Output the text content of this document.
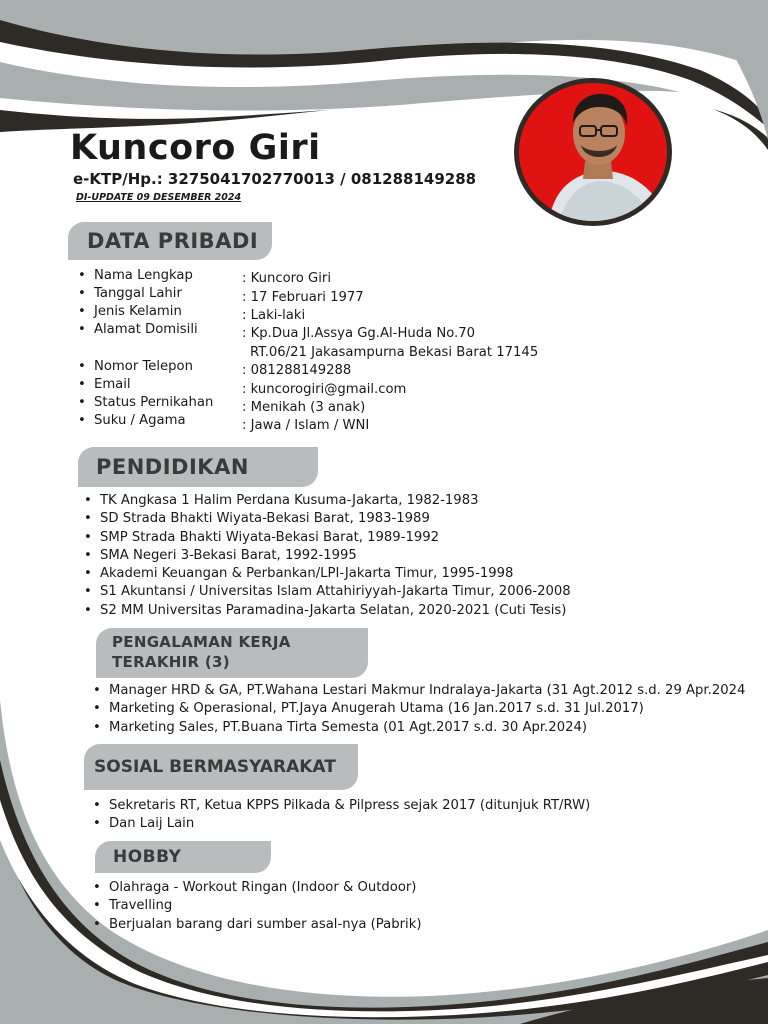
Kuncoro Giri
e-KTP/Hp.: 3275041702770013 / 081288149288
DI-UPDATE 09 DESEMBER 2024
DATA PRIBADI
• Nama Lengkap
• Tanggal Lahir
• Jenis Kelamin
• Alamat Domisili
• Nomor Telepon
• Email
• Status Pernikahan
• Suku / Agama
: Kuncoro Giri
: 17 Februari 1977
: Laki-laki
: Kp.Dua Jl.Assya Gg.Al-Huda No.70
RT.06/21 Jakasampurna Bekasi Barat 17145
: 081288149288
: kuncorogiri@gmail.com
: Menikah (3 anak)
: Jawa / Islam / WNI
PENDIDIKAN
• TK Angkasa 1 Halim Perdana Kusuma-Jakarta, 1982-1983
• SD Strada Bhakti Wiyata-Bekasi Barat, 1983-1989
• SMP Strada Bhakti Wiyata-Bekasi Barat, 1989-1992
• SMA Negeri 3-Bekasi Barat, 1992-1995
• Akademi Keuangan & Perbankan/LPI-Jakarta Timur, 1995-1998
• S1 Akuntansi / Universitas Islam Attahiriyyah-Jakarta Timur, 2006-2008
• S2 MM Universitas Paramadina-Jakarta Selatan, 2020-2021 (Cuti Tesis)
PENGALAMAN KERJA
TERAKHIR (3)
• Manager HRD & GA, PT.Wahana Lestari Makmur Indralaya-Jakarta (31 Agt.2012 s.d. 29 Apr.2024
• Marketing & Operasional, PT.Jaya Anugerah Utama (16 Jan.2017 s.d. 31 Jul.2017)
• Marketing Sales, PT.Buana Tirta Semesta (01 Agt.2017 s.d. 30 Apr.2024)
SOSIAL BERMASYARAKAT
• Sekretaris RT, Ketua KPPS Pilkada & Pilpress sejak 2017 (ditunjuk RT/RW)
• Dan Laij Lain
HOBBY
• Olahraga - Workout Ringan (Indoor & Outdoor)
• Travelling
• Berjualan barang dari sumber asal-nya (Pabrik)
